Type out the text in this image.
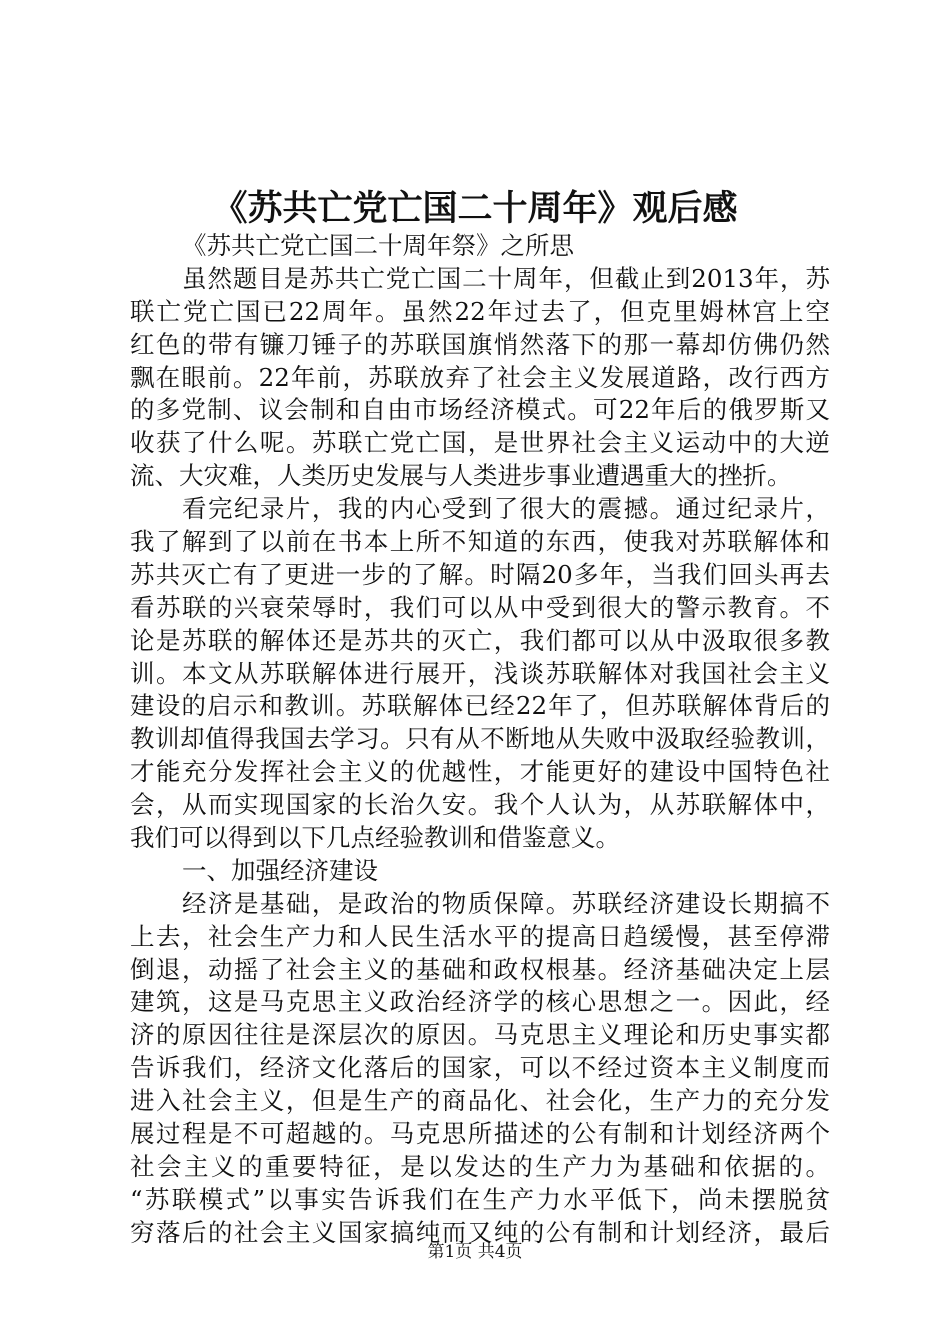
《苏共亡党亡国二十周年》观后感
《苏共亡党亡国二十周年祭》之所思
虽然题目是苏共亡党亡国二十周年，但截止到2013年，苏
联亡党亡国已22周年。虽然22年过去了，但克里姆林宫上空
红色的带有镰刀锤子的苏联国旗悄然落下的那一幕却仿佛仍然
飘在眼前。22年前，苏联放弃了社会主义发展道路，改行西方
的多党制、议会制和自由市场经济模式。可22年后的俄罗斯又
收获了什么呢。苏联亡党亡国，是世界社会主义运动中的大逆
流、大灾难，人类历史发展与人类进步事业遭遇重大的挫折。
看完纪录片，我的内心受到了很大的震撼。通过纪录片，
我了解到了以前在书本上所不知道的东西，使我对苏联解体和
苏共灭亡有了更进一步的了解。时隔20多年，当我们回头再去
看苏联的兴衰荣辱时，我们可以从中受到很大的警示教育。不
论是苏联的解体还是苏共的灭亡，我们都可以从中汲取很多教
训。本文从苏联解体进行展开，浅谈苏联解体对我国社会主义
建设的启示和教训。苏联解体已经22年了，但苏联解体背后的
教训却值得我国去学习。只有从不断地从失败中汲取经验教训，
才能充分发挥社会主义的优越性，才能更好的建设中国特色社
会，从而实现国家的长治久安。我个人认为，从苏联解体中，
我们可以得到以下几点经验教训和借鉴意义。
一、加强经济建设
经济是基础，是政治的物质保障。苏联经济建设长期搞不
上去，社会生产力和人民生活水平的提高日趋缓慢，甚至停滞
倒退，动摇了社会主义的基础和政权根基。经济基础决定上层
建筑，这是马克思主义政治经济学的核心思想之一。因此，经
济的原因往往是深层次的原因。马克思主义理论和历史事实都
告诉我们，经济文化落后的国家，可以不经过资本主义制度而
进入社会主义，但是生产的商品化、社会化，生产力的充分发
展过程是不可超越的。马克思所描述的公有制和计划经济两个
社会主义的重要特征，是以发达的生产力为基础和依据的。
“苏联模式”以事实告诉我们在生产力水平低下，尚未摆脱贫
穷落后的社会主义国家搞纯而又纯的公有制和计划经济，最后
第1页 共4页
